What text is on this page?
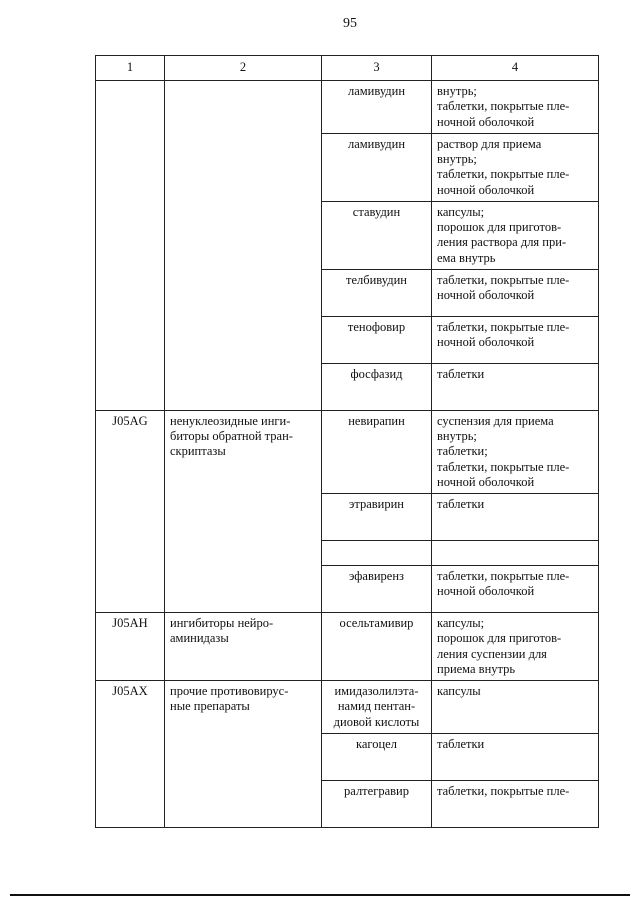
95
1	2	3	4

		ламивудин	внутрь;
таблетки, покрытые пле-
ночной оболочкой

		ламивудин	раствор для приема
внутрь;
таблетки, покрытые пле-
ночной оболочкой

		ставудин	капсулы;
порошок для приготов-
ления раствора для при-
ема внутрь

		телбивудин	таблетки, покрытые пле-
ночной оболочкой

		тенофовир	таблетки, покрытые пле-
ночной оболочкой

		фосфазид	таблетки

J05AG	ненуклеозидные инги-
биторы обратной тран-
скриптазы	невирапин	суспензия для приема
внутрь;
таблетки;
таблетки, покрытые пле-
ночной оболочкой

		этравирин	таблетки

		эфавиренз	таблетки, покрытые пле-
ночной оболочкой

J05AH	ингибиторы нейро-
аминидазы	осельтамивир	капсулы;
порошок для приготов-
ления суспензии для
приема внутрь

J05AX	прочие противовирус-
ные препараты	имидазолилэта-
намид пентан-
диовой кислоты	капсулы

		кагоцел	таблетки

		ралтегравир	таблетки, покрытые пле-
